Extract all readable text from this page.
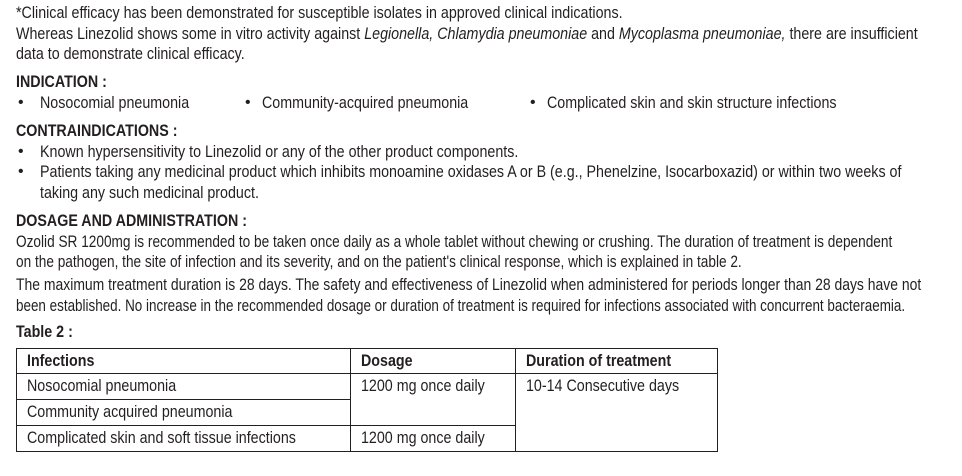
*Clinical efficacy has been demonstrated for susceptible isolates in approved clinical indications.
Whereas Linezolid shows some in vitro activity against Legionella, Chlamydia pneumoniae and Mycoplasma pneumoniae, there are insufficient
data to demonstrate clinical efficacy.
INDICATION :
• Nosocomial pneumonia	• Community-acquired pneumonia	• Complicated skin and skin structure infections
CONTRAINDICATIONS :
• Known hypersensitivity to Linezolid or any of the other product components.
• Patients taking any medicinal product which inhibits monoamine oxidases A or B (e.g., Phenelzine, Isocarboxazid) or within two weeks of
taking any such medicinal product.
DOSAGE AND ADMINISTRATION :
Ozolid SR 1200mg is recommended to be taken once daily as a whole tablet without chewing or crushing. The duration of treatment is dependent
on the pathogen, the site of infection and its severity, and on the patient's clinical response, which is explained in table 2.
The maximum treatment duration is 28 days. The safety and effectiveness of Linezolid when administered for periods longer than 28 days have not
been established. No increase in the recommended dosage or duration of treatment is required for infections associated with concurrent bacteraemia.
Table 2 :
Infections	Dosage	Duration of treatment
Nosocomial pneumonia	1200 mg once daily	10-14 Consecutive days
Community acquired pneumonia		
Complicated skin and soft tissue infections	1200 mg once daily	
